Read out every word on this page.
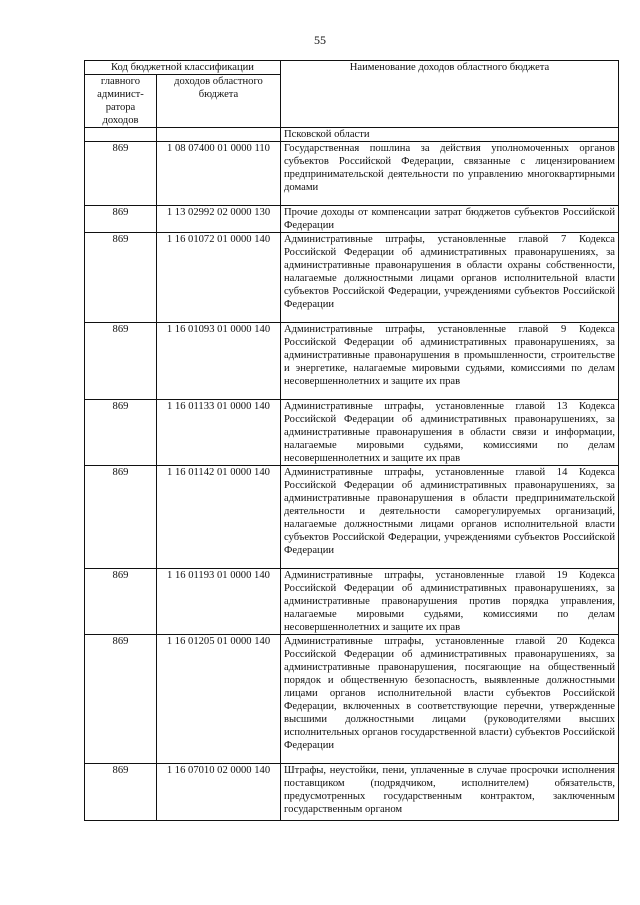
55
Код бюджетной классификации		Наименование доходов областного бюджета
главного админист-ратора доходов	доходов областного бюджета	
		Псковской области
869	1 08 07400 01 0000 110	Государственная пошлина за действия уполномоченных органов субъектов Российской Федерации, связанные с лицензированием предпринимательской деятельности по управлению многоквартирными домами
869	1 13 02992 02 0000 130	Прочие доходы от компенсации затрат бюджетов субъектов Российской Федерации
869	1 16 01072 01 0000 140	Административные штрафы, установленные главой 7 Кодекса Российской Федерации об административных правонарушениях, за административные правонарушения в области охраны собственности, налагаемые должностными лицами органов исполнительной власти субъектов Российской Федерации, учреждениями субъектов Российской Федерации
869	1 16 01093 01 0000 140	Административные штрафы, установленные главой 9 Кодекса Российской Федерации об административных правонарушениях, за административные правонарушения в промышленности, строительстве и энергетике, налагаемые мировыми судьями, комиссиями по делам несовершеннолетних и защите их прав
869	1 16 01133 01 0000 140	Административные штрафы, установленные главой 13 Кодекса Российской Федерации об административных правонарушениях, за административные правонарушения в области связи и информации, налагаемые мировыми судьями, комиссиями по делам несовершеннолетних и защите их прав
869	1 16 01142 01 0000 140	Административные штрафы, установленные главой 14 Кодекса Российской Федерации об административных правонарушениях, за административные правонарушения в области предпринимательской деятельности и деятельности саморегулируемых организаций, налагаемые должностными лицами органов исполнительной власти субъектов Российской Федерации, учреждениями субъектов Российской Федерации
869	1 16 01193 01 0000 140	Административные штрафы, установленные главой 19 Кодекса Российской Федерации об административных правонарушениях, за административные правонарушения против порядка управления, налагаемые мировыми судьями, комиссиями по делам несовершеннолетних и защите их прав
869	1 16 01205 01 0000 140	Административные штрафы, установленные главой 20 Кодекса Российской Федерации об административных правонарушениях, за административные правонарушения, посягающие на общественный порядок и общественную безопасность, выявленные должностными лицами органов исполнительной власти субъектов Российской Федерации, включенных в соответствующие перечни, утвержденные высшими должностными лицами (руководителями высших исполнительных органов государственной власти) субъектов Российской Федерации
869	1 16 07010 02 0000 140	Штрафы, неустойки, пени, уплаченные в случае просрочки исполнения поставщиком (подрядчиком, исполнителем) обязательств, предусмотренных государственным контрактом, заключенным государственным органом
